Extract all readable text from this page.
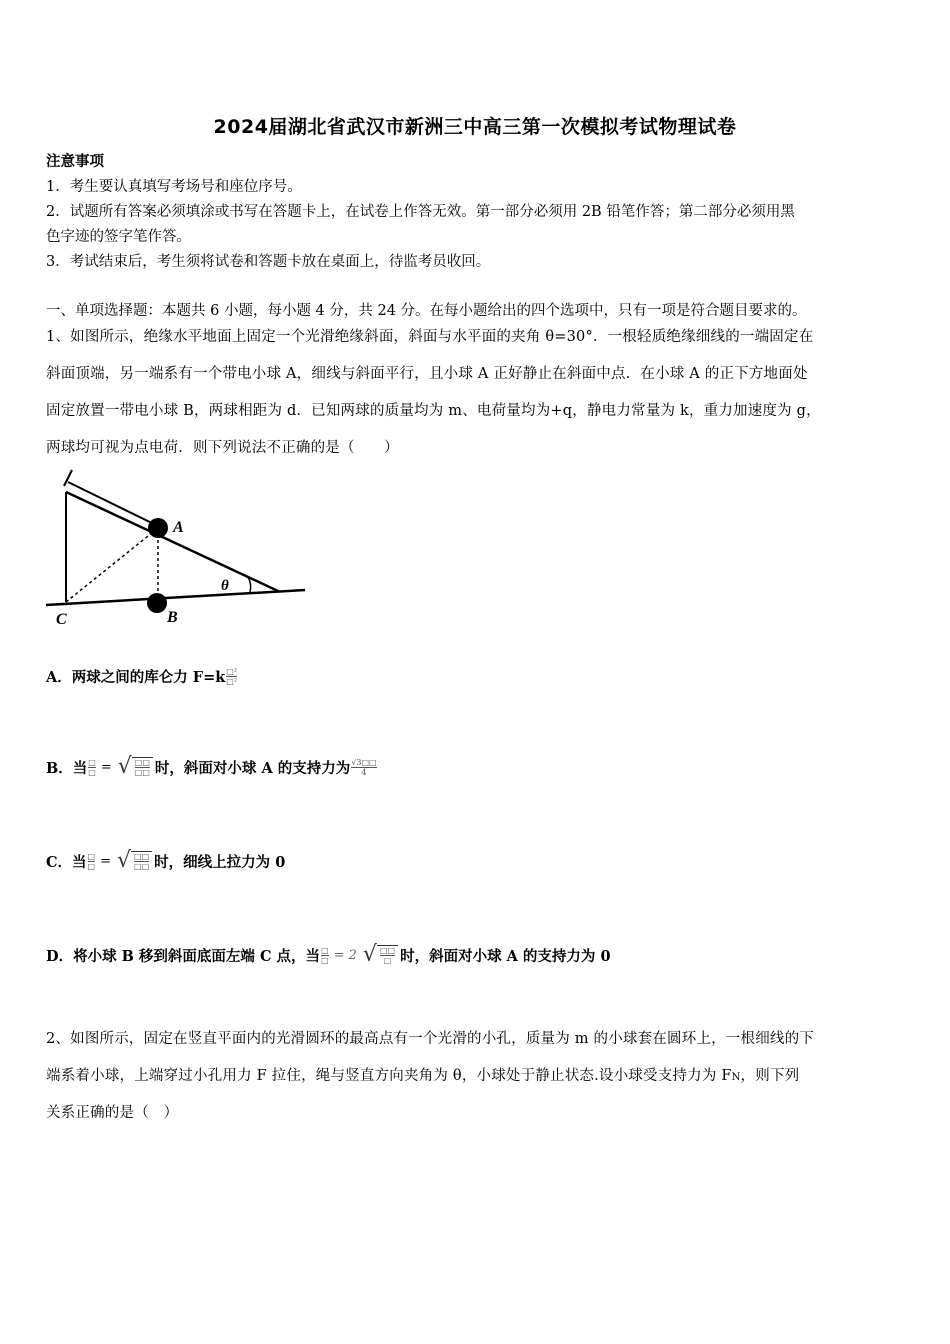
2024届湖北省武汉市新洲三中高三第一次模拟考试物理试卷
注意事项
1．考生要认真填写考场号和座位序号。
2．试题所有答案必须填涂或书写在答题卡上，在试卷上作答无效。第一部分必须用 2B 铅笔作答；第二部分必须用黑
色字迹的签字笔作答。
3．考试结束后，考生须将试卷和答题卡放在桌面上，待监考员收回。
一、单项选择题：本题共 6 小题，每小题 4 分，共 24 分。在每小题给出的四个选项中，只有一项是符合题目要求的。
1、如图所示，绝缘水平地面上固定一个光滑绝缘斜面，斜面与水平面的夹角 θ=30°．一根轻质绝缘细线的一端固定在
斜面顶端，另一端系有一个带电小球 A，细线与斜面平行，且小球 A 正好静止在斜面中点．在小球 A 的正下方地面处
固定放置一带电小球 B，两球相距为 d．已知两球的质量均为 m、电荷量均为+q，静电力常量为 k，重力加速度为 g，
两球均可视为点电荷．则下列说法不正确的是（　　）
A
B
C
θ
A．两球之间的库仑力 $F=k \frac{\text{□²}}{\text{□²}}$
B．当 $\frac{□}{□}$ = √ $\frac{□□}{□□}$ 时，斜面对小球 A 的支持力为 $\frac{√3□□}{4}$
C．当 $\frac{□}{□}$ = √ $\frac{□□}{□□}$ 时，细线上拉力为 0
D．将小球 B 移到斜面底面左端 C 点，当 $\frac{□}{□} = 2$ √ $\frac{□□}{□}$ 时，斜面对小球 A 的支持力为 0
2、如图所示，固定在竖直平面内的光滑圆环的最高点有一个光滑的小孔，质量为 m 的小球套在圆环上，一根细线的下
端系着小球，上端穿过小孔用力 F 拉住，绳与竖直方向夹角为 θ，小球处于静止状态.设小球受支持力为 FN，则下列
关系正确的是（　）
